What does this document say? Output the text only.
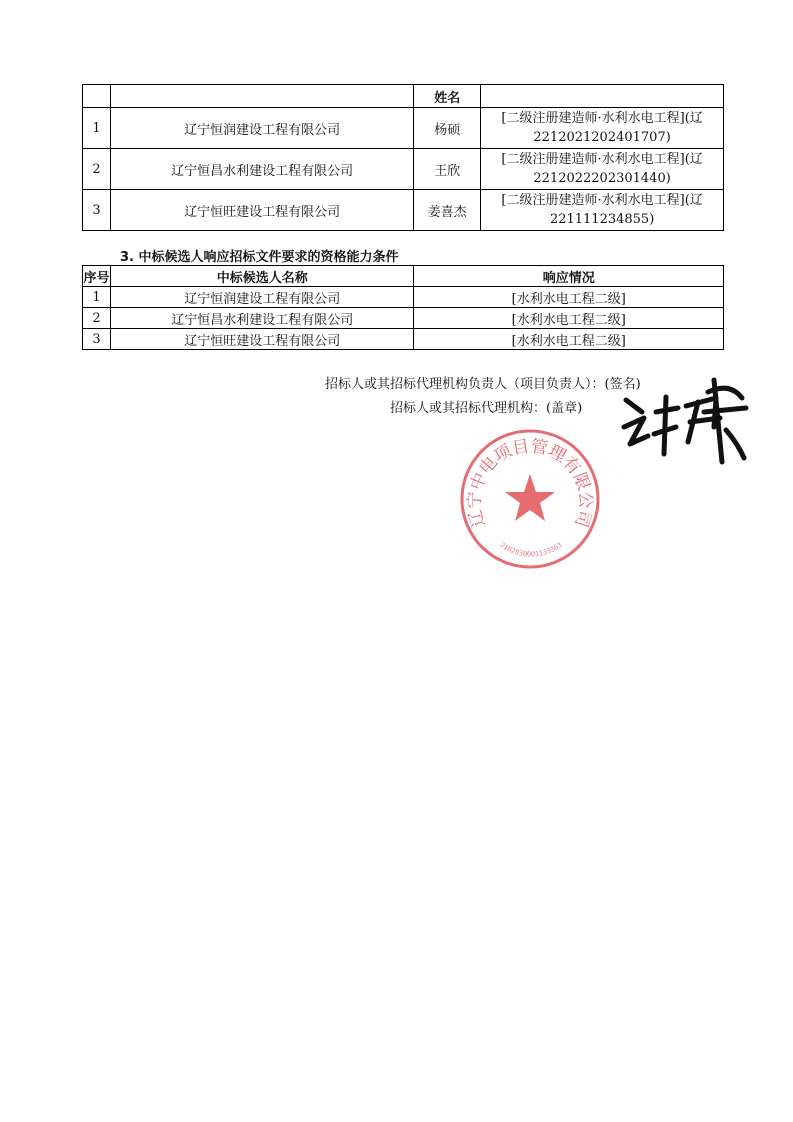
		姓名	
1	辽宁恒润建设工程有限公司	杨硕	[二级注册建造师·水利水电工程](辽
2212021202401707)

2	辽宁恒昌水利建设工程有限公司	王欣	[二级注册建造师·水利水电工程](辽
2212022202301440)

3	辽宁恒旺建设工程有限公司	姜喜杰	[二级注册建造师·水利水电工程](辽
221111234855)
3. 中标候选人响应招标文件要求的资格能力条件
序号	中标候选人名称	响应情况
1	辽宁恒润建设工程有限公司	[水利水电工程二级]
2	辽宁恒昌水利建设工程有限公司	[水利水电工程二级]
3	辽宁恒旺建设工程有限公司	[水利水电工程二级]
招标人或其招标代理机构负责人（项目负责人）：(签名)
招标人或其招标代理机构：(盖章)
辽宁中电项目管理有限公司
2102030001133363
